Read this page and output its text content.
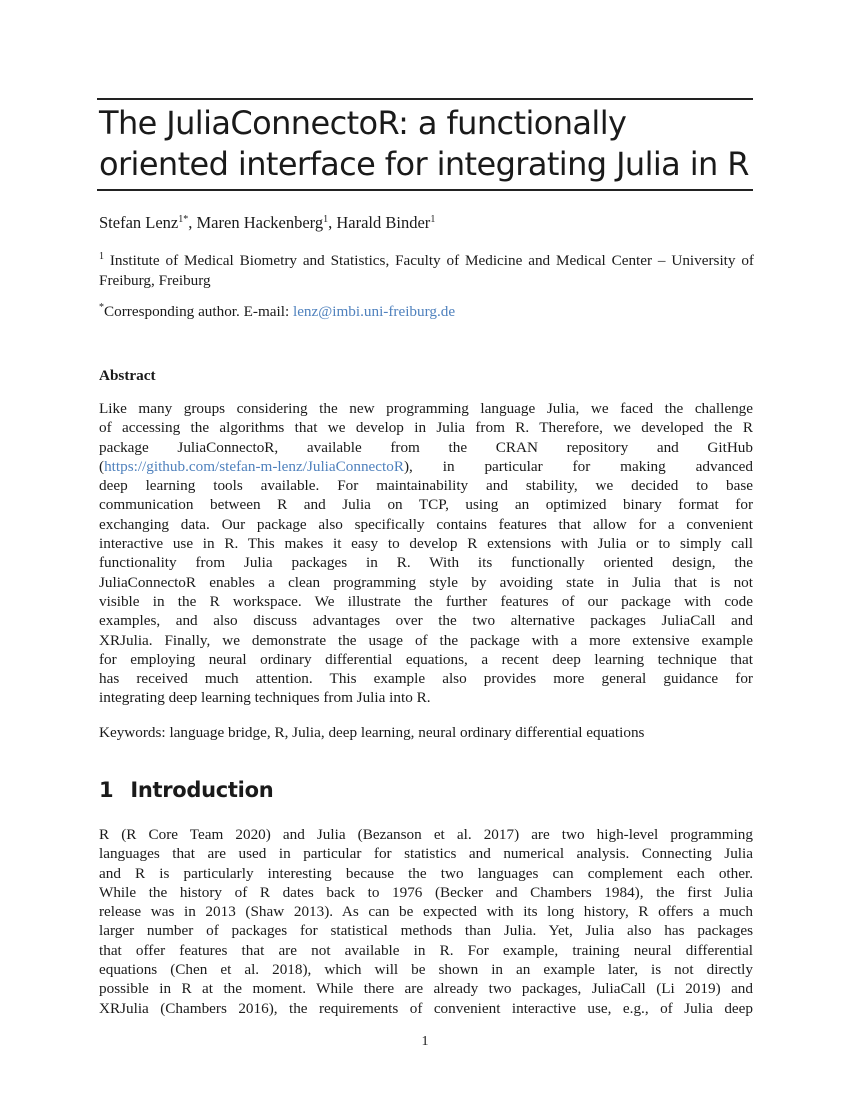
The JuliaConnectoR: a functionally oriented interface for integrating Julia in R
Stefan Lenz$^{1*}$, Maren Hackenberg$^1$, Harald Binder$^1$
$^1$ Institute of Medical Biometry and Statistics, Faculty of Medicine and Medical Center – University of Freiburg, Freiburg
*Corresponding author. E-mail: lenz@imbi.uni-freiburg.de
Abstract
Like many groups considering the new programming language Julia, we faced the challenge
of accessing the algorithms that we develop in Julia from R. Therefore, we developed the R
package JuliaConnectoR, available from the CRAN repository and GitHub
(https://github.com/stefan-m-lenz/JuliaConnectoR), in particular for making advanced
deep learning tools available. For maintainability and stability, we decided to base
communication between R and Julia on TCP, using an optimized binary format for
exchanging data. Our package also specifically contains features that allow for a convenient
interactive use in R. This makes it easy to develop R extensions with Julia or to simply call
functionality from Julia packages in R. With its functionally oriented design, the
JuliaConnectoR enables a clean programming style by avoiding state in Julia that is not
visible in the R workspace. We illustrate the further features of our package with code
examples, and also discuss advantages over the two alternative packages JuliaCall and
XRJulia. Finally, we demonstrate the usage of the package with a more extensive example
for employing neural ordinary differential equations, a recent deep learning technique that
has received much attention. This example also provides more general guidance for
integrating deep learning techniques from Julia into R.
Keywords: language bridge, R, Julia, deep learning, neural ordinary differential equations
1 Introduction
R (R Core Team 2020) and Julia (Bezanson et al. 2017) are two high-level programming
languages that are used in particular for statistics and numerical analysis. Connecting Julia
and R is particularly interesting because the two languages can complement each other.
While the history of R dates back to 1976 (Becker and Chambers 1984), the first Julia
release was in 2013 (Shaw 2013). As can be expected with its long history, R offers a much
larger number of packages for statistical methods than Julia. Yet, Julia also has packages
that offer features that are not available in R. For example, training neural differential
equations (Chen et al. 2018), which will be shown in an example later, is not directly
possible in R at the moment. While there are already two packages, JuliaCall (Li 2019) and
XRJulia (Chambers 2016), the requirements of convenient interactive use, e.g., of Julia deep
1
